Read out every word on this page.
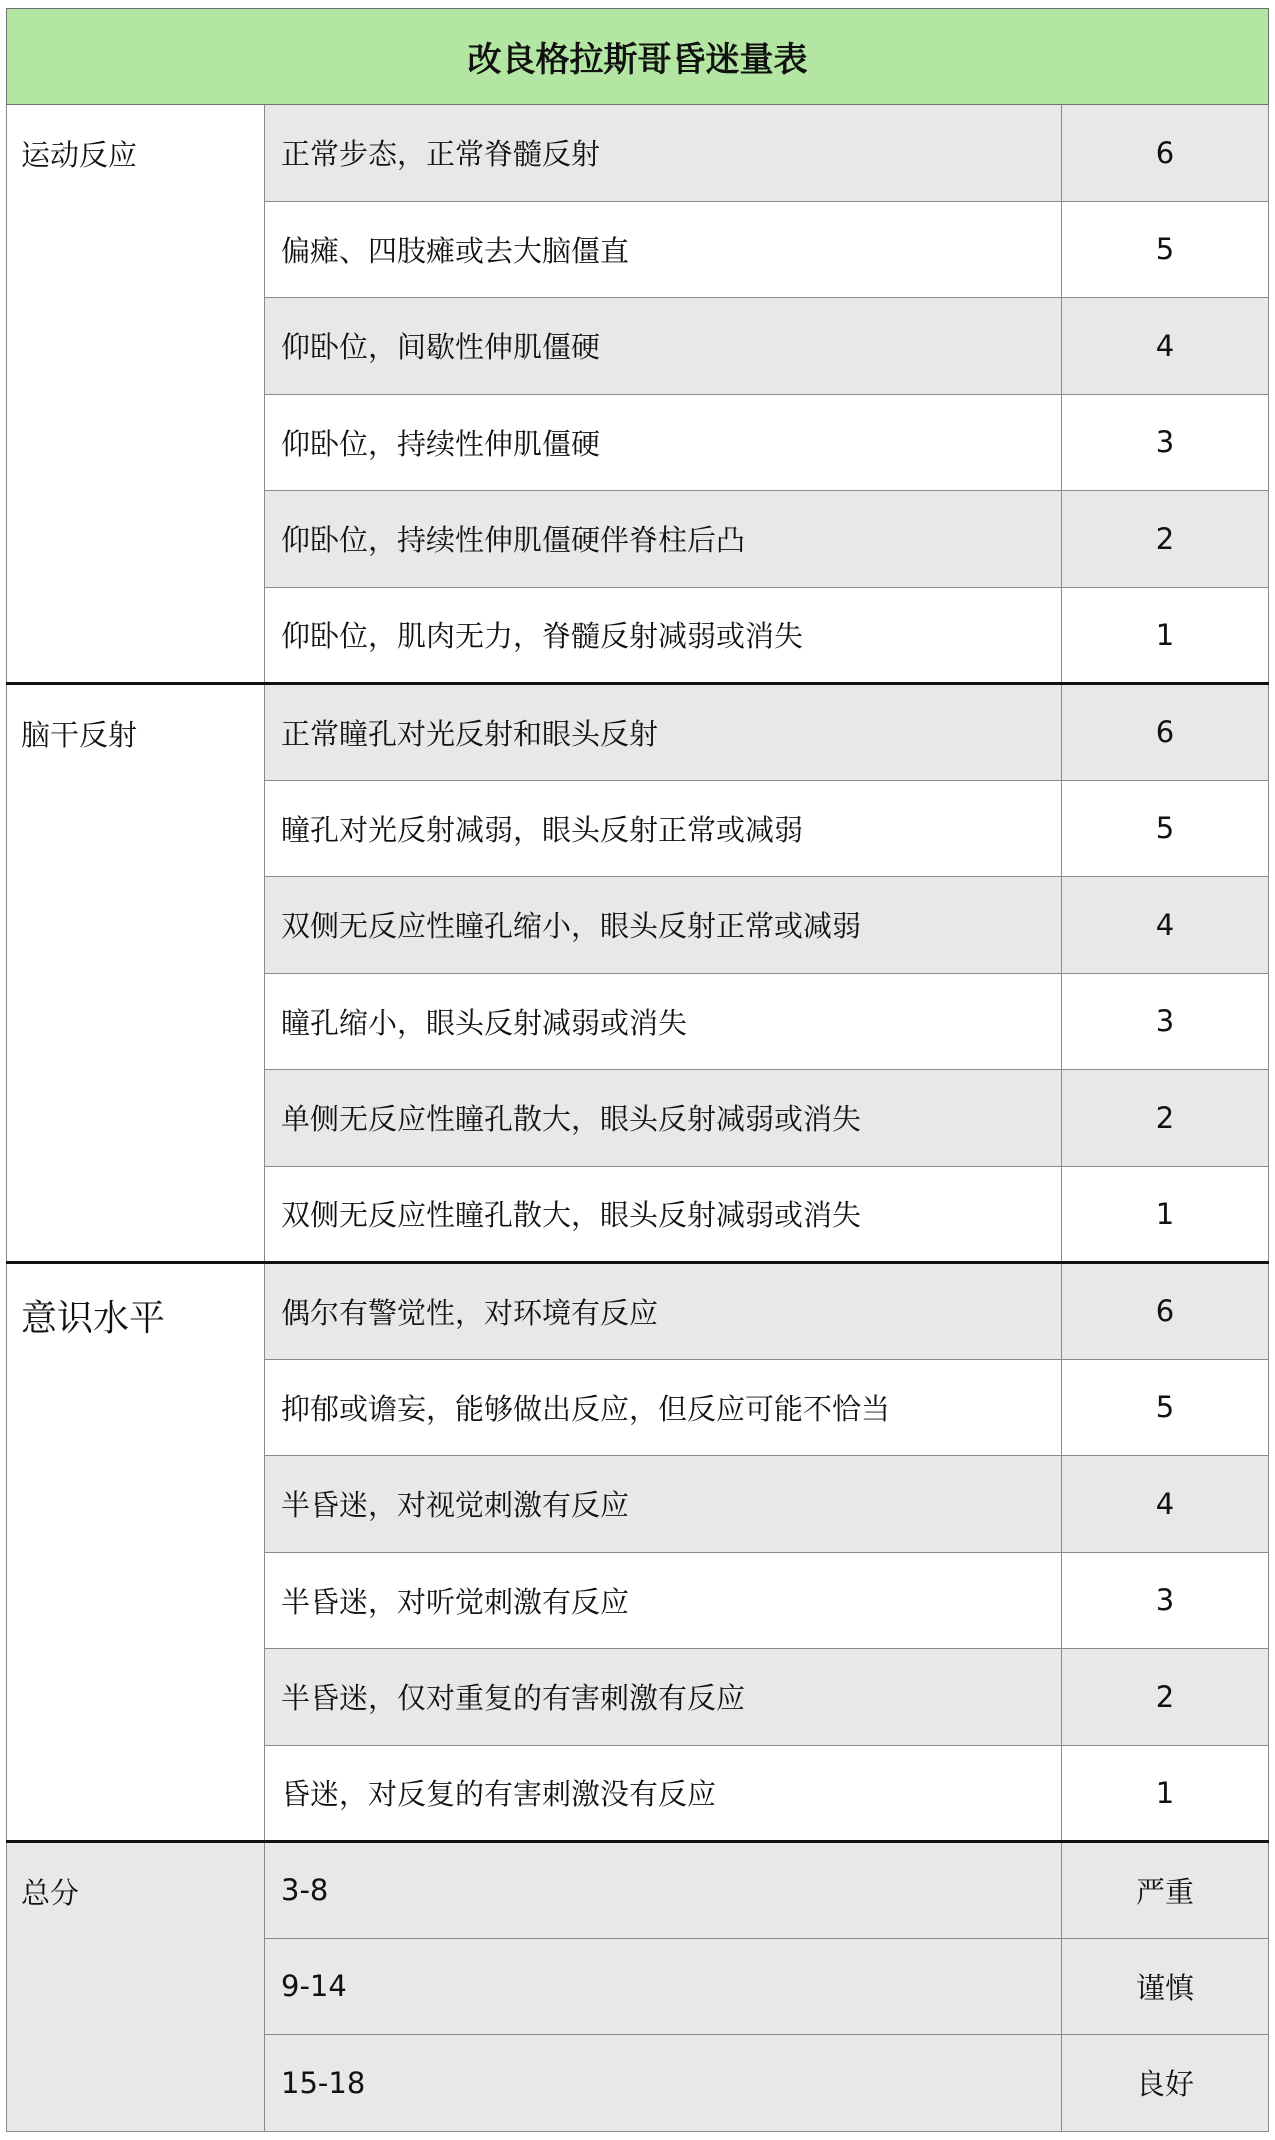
改良格拉斯哥昏迷量表		
运动反应	正常步态，正常脊髓反射	6
	偏瘫、四肢瘫或去大脑僵直	5
	仰卧位，间歇性伸肌僵硬	4
	仰卧位，持续性伸肌僵硬	3
	仰卧位，持续性伸肌僵硬伴脊柱后凸	2
	仰卧位，肌肉无力，脊髓反射减弱或消失	1
脑干反射	正常瞳孔对光反射和眼头反射	6
	瞳孔对光反射减弱，眼头反射正常或减弱	5
	双侧无反应性瞳孔缩小，眼头反射正常或减弱	4
	瞳孔缩小，眼头反射减弱或消失	3
	单侧无反应性瞳孔散大，眼头反射减弱或消失	2
	双侧无反应性瞳孔散大，眼头反射减弱或消失	1
意识水平	偶尔有警觉性，对环境有反应	6
	抑郁或谵妄，能够做出反应，但反应可能不恰当	5
	半昏迷，对视觉刺激有反应	4
	半昏迷，对听觉刺激有反应	3
	半昏迷，仅对重复的有害刺激有反应	2
	昏迷，对反复的有害刺激没有反应	1
总分	3-8	严重
	9-14	谨慎
	15-18	良好
